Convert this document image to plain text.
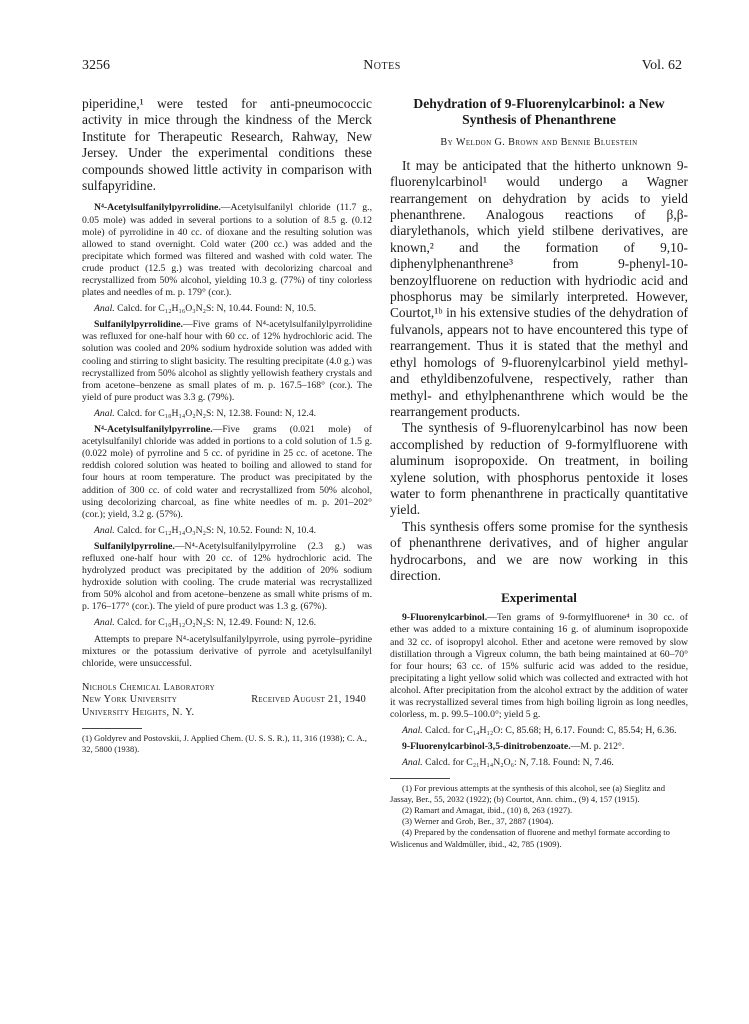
3256	Notes	Vol. 62

piperidine,¹ were tested for anti-pneumococcic activity in mice through the kindness of the Merck Institute for Therapeutic Research, Rahway, New Jersey. Under the experimental conditions these compounds showed little activity in comparison with sulfapyridine.

N⁴-Acetylsulfanilylpyrrolidine.—Acetylsulfanilyl chloride (11.7 g., 0.05 mole) was added in several portions to a solution of 8.5 g. (0.12 mole) of pyrrolidine in 40 cc. of dioxane and the resulting solution was allowed to stand overnight. Cold water (200 cc.) was added and the precipitate which formed was filtered and washed with cold water. The crude product (12.5 g.) was treated with decolorizing charcoal and recrystallized from 50% alcohol, yielding 10.3 g. (77%) of tiny colorless plates and needles of m. p. 179° (cor.).

Anal. Calcd. for C₁₂H₁₆O₃N₂S: N, 10.44. Found: N, 10.5.

Sulfanilylpyrrolidine.—Five grams of N⁴-acetylsulfanilylpyrrolidine was refluxed for one-half hour with 60 cc. of 12% hydrochloric acid. The solution was cooled and 20% sodium hydroxide solution was added with cooling and stirring to slight basicity. The resulting precipitate (4.0 g.) was recrystallized from 50% alcohol as slightly yellowish feathery crystals and from acetone–benzene as small plates of m. p. 167.5–168° (cor.). The yield of pure product was 3.3 g. (79%).

Anal. Calcd. for C₁₀H₁₄O₂N₂S: N, 12.38. Found: N, 12.4.

N⁴-Acetylsulfanilylpyrroline.—Five grams (0.021 mole) of acetylsulfanilyl chloride was added in portions to a cold solution of 1.5 g. (0.022 mole) of pyrroline and 5 cc. of pyridine in 25 cc. of acetone. The reddish colored solution was heated to boiling and allowed to stand for four hours at room temperature. The product was precipitated by the addition of 300 cc. of cold water and recrystallized from 50% alcohol, using decolorizing charcoal, as fine white needles of m. p. 201–202° (cor.); yield, 3.2 g. (57%).

Anal. Calcd. for C₁₂H₁₄O₃N₂S: N, 10.52. Found: N, 10.4.

Sulfanilylpyrroline.—N⁴-Acetylsulfanilylpyrroline (2.3 g.) was refluxed one-half hour with 20 cc. of 12% hydrochloric acid. The hydrolyzed product was precipitated by the addition of 20% sodium hydroxide solution with cooling. The crude material was recrystallized from 50% alcohol and from acetone–benzene as small white prisms of m. p. 176–177° (cor.). The yield of pure product was 1.3 g. (67%).

Anal. Calcd. for C₁₀H₁₂O₂N₂S: N, 12.49. Found: N, 12.6.

Attempts to prepare N⁴-acetylsulfanilylpyrrole, using pyrrole–pyridine mixtures or the potassium derivative of pyrrole and acetylsulfanilyl chloride, were unsuccessful.

Nichols Chemical Laboratory
New York University	Received August 21, 1940
University Heights, N. Y.

(1) Goldyrev and Postovskii, J. Applied Chem. (U. S. S. R.), 11, 316 (1938); C. A., 32, 5800 (1938).

Dehydration of 9-Fluorenylcarbinol: a New

Synthesis of Phenanthrene

By Weldon G. Brown and Bennie Bluestein

It may be anticipated that the hitherto unknown 9-fluorenylcarbinol¹ would undergo a Wagner rearrangement on dehydration by acids to yield phenanthrene. Analogous reactions of β,β-diarylethanols, which yield stilbene derivatives, are known,² and the formation of 9,10-diphenylphenanthrene³ from 9-phenyl-10-benzoylfluorene on reduction with hydriodic acid and phosphorus may be similarly interpreted. However, Courtot,¹ᵇ in his extensive studies of the dehydration of fulvanols, appears not to have encountered this type of rearrangement. Thus it is stated that the methyl and ethyl homologs of 9-fluorenylcarbinol yield methyl- and ethyldibenzofulvene, respectively, rather than methyl- and ethylphenanthrene which would be the rearrangement products.

The synthesis of 9-fluorenylcarbinol has now been accomplished by reduction of 9-formylfluorene with aluminum isopropoxide. On treatment, in boiling xylene solution, with phosphorus pentoxide it loses water to form phenanthrene in practically quantitative yield.

This synthesis offers some promise for the synthesis of phenanthrene derivatives, and of higher angular hydrocarbons, and we are now working in this direction.

Experimental

9-Fluorenylcarbinol.—Ten grams of 9-formylfluorene⁴ in 30 cc. of ether was added to a mixture containing 16 g. of aluminum isopropoxide and 32 cc. of isopropyl alcohol. Ether and acetone were removed by slow distillation through a Vigreux column, the bath being maintained at 60–70° for four hours; 63 cc. of 15% sulfuric acid was added to the residue, precipitating a light yellow solid which was collected and extracted with hot alcohol. After precipitation from the alcohol extract by the addition of water it was recrystallized several times from high boiling ligroin as long needles, colorless, m. p. 99.5–100.0°; yield 5 g.

Anal. Calcd. for C₁₄H₁₂O: C, 85.68; H, 6.17. Found: C, 85.54; H, 6.36.

9-Fluorenylcarbinol-3,5-dinitrobenzoate.—M. p. 212°.

Anal. Calcd. for C₂₁H₁₄N₂O₆: N, 7.18. Found: N, 7.46.

(1) For previous attempts at the synthesis of this alcohol, see (a) Sieglitz and Jassay, Ber., 55, 2032 (1922); (b) Courtot, Ann. chim., (9) 4, 157 (1915).

(2) Ramart and Amagat, ibid., (10) 8, 263 (1927).

(3) Werner and Grob, Ber., 37, 2887 (1904).

(4) Prepared by the condensation of fluorene and methyl formate according to Wislicenus and Waldmüller, ibid., 42, 785 (1909).
